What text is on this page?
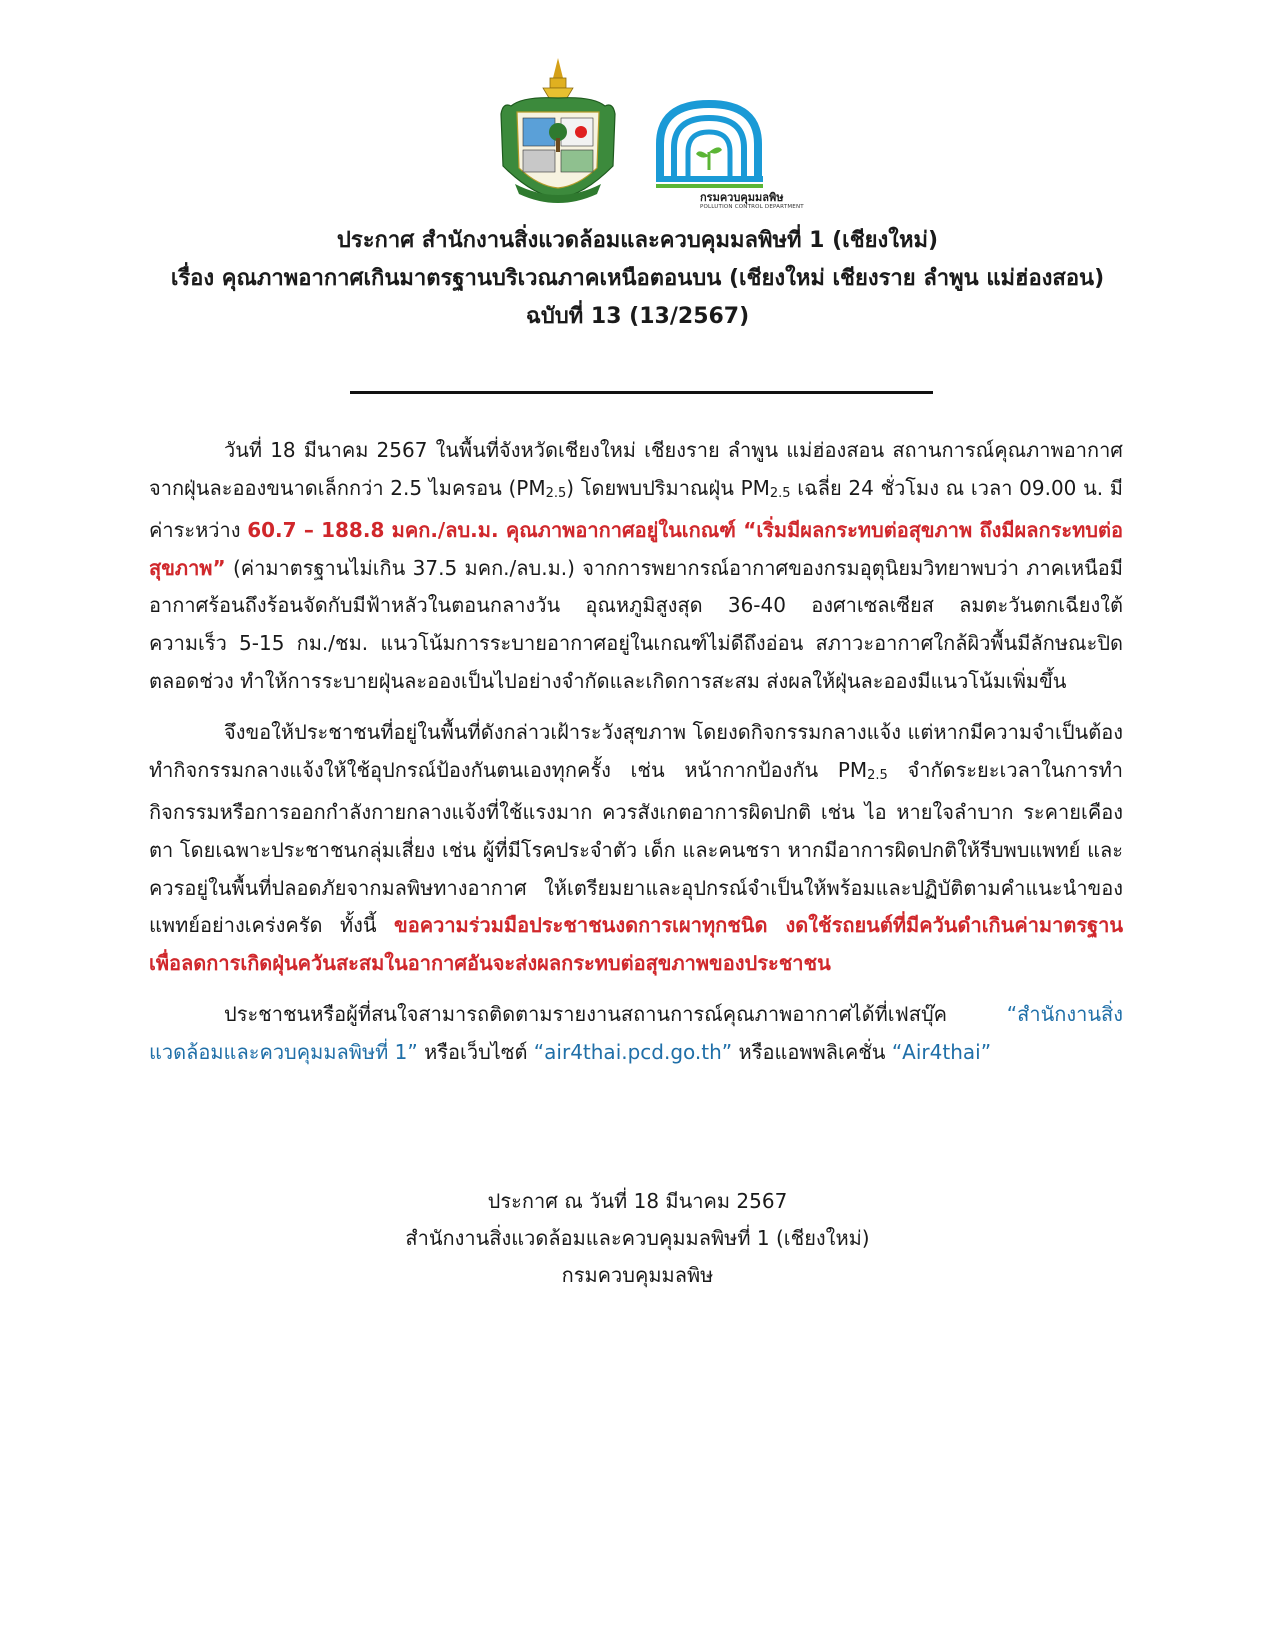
กรมควบคุมมลพิษ
POLLUTION CONTROL DEPARTMENT
ประกาศ สำนักงานสิ่งแวดล้อมและควบคุมมลพิษที่ 1 (เชียงใหม่)
เรื่อง คุณภาพอากาศเกินมาตรฐานบริเวณภาคเหนือตอนบน (เชียงใหม่ เชียงราย ลำพูน แม่ฮ่องสอน)
ฉบับที่ 13 (13/2567)

วันที่ 18 มีนาคม 2567 ในพื้นที่จังหวัดเชียงใหม่ เชียงราย ลำพูน แม่ฮ่องสอน สถานการณ์คุณภาพอากาศจากฝุ่นละอองขนาดเล็กกว่า 2.5 ไมครอน $(PM_{2.5})$ โดยพบปริมาณฝุ่น $PM_{2.5}$ เฉลี่ย 24 ชั่วโมง ณ เวลา 09.00 น. มีค่าระหว่าง 60.7 – 188.8 มคก./ลบ.ม. คุณภาพอากาศอยู่ในเกณฑ์ “เริ่มมีผลกระทบต่อสุขภาพ ถึงมีผลกระทบต่อสุขภาพ” (ค่ามาตรฐานไม่เกิน 37.5 มคก./ลบ.ม.) จากการพยากรณ์อากาศของกรมอุตุนิยมวิทยาพบว่า ภาคเหนือมีอากาศร้อนถึงร้อนจัดกับมีฟ้าหลัวในตอนกลางวัน อุณหภูมิสูงสุด 36-40 องศาเซลเซียส ลมตะวันตกเฉียงใต้ ความเร็ว 5-15 กม./ชม. แนวโน้มการระบายอากาศอยู่ในเกณฑ์ไม่ดีถึงอ่อน สภาวะอากาศใกล้ผิวพื้นมีลักษณะปิดตลอดช่วง ทำให้การระบายฝุ่นละอองเป็นไปอย่างจำกัดและเกิดการสะสม ส่งผลให้ฝุ่นละอองมีแนวโน้มเพิ่มขึ้น

จึงขอให้ประชาชนที่อยู่ในพื้นที่ดังกล่าวเฝ้าระวังสุขภาพ โดยงดกิจกรรมกลางแจ้ง แต่หากมีความจำเป็นต้องทำกิจกรรมกลางแจ้งให้ใช้อุปกรณ์ป้องกันตนเองทุกครั้ง เช่น หน้ากากป้องกัน $PM_{2.5}$ จำกัดระยะเวลาในการทำกิจกรรมหรือการออกกำลังกายกลางแจ้งที่ใช้แรงมาก ควรสังเกตอาการผิดปกติ เช่น ไอ หายใจลำบาก ระคายเคืองตา โดยเฉพาะประชาชนกลุ่มเสี่ยง เช่น ผู้ที่มีโรคประจำตัว เด็ก และคนชรา หากมีอาการผิดปกติให้รีบพบแพทย์ และควรอยู่ในพื้นที่ปลอดภัยจากมลพิษทางอากาศ ให้เตรียมยาและอุปกรณ์จำเป็นให้พร้อมและปฏิบัติตามคำแนะนำของแพทย์อย่างเคร่งครัด ทั้งนี้ ขอความร่วมมือประชาชนงดการเผาทุกชนิด งดใช้รถยนต์ที่มีควันดำเกินค่ามาตรฐาน เพื่อลดการเกิดฝุ่นควันสะสมในอากาศอันจะส่งผลกระทบต่อสุขภาพของประชาชน

ประชาชนหรือผู้ที่สนใจสามารถติดตามรายงานสถานการณ์คุณภาพอากาศได้ที่เฟสบุ๊ค “สำนักงานสิ่งแวดล้อมและควบคุมมลพิษที่ 1” หรือเว็บไซต์ “air4thai.pcd.go.th” หรือแอพพลิเคชั่น “Air4thai”

ประกาศ ณ วันที่ 18 มีนาคม 2567
สำนักงานสิ่งแวดล้อมและควบคุมมลพิษที่ 1 (เชียงใหม่)
กรมควบคุมมลพิษ
